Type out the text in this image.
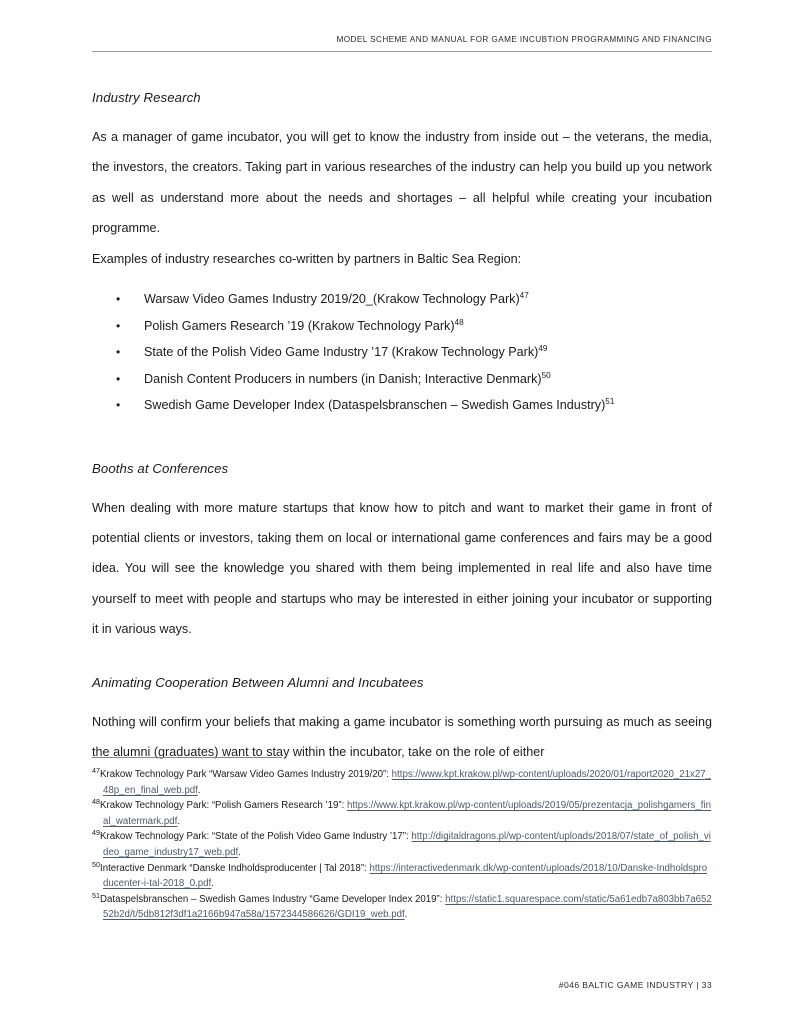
MODEL SCHEME AND MANUAL FOR GAME INCUBTION PROGRAMMING AND FINANCING
Industry Research

As a manager of game incubator, you will get to know the industry from inside out – the veterans, the media, the investors, the creators. Taking part in various researches of the industry can help you build up you network as well as understand more about the needs and shortages – all helpful while creating your incubation programme.

Examples of industry researches co-written by partners in Baltic Sea Region:

• Warsaw Video Games Industry 2019/20_(Krakow Technology Park)$^{47}$
• Polish Gamers Research ’19 (Krakow Technology Park)$^{48}$
• State of the Polish Video Game Industry ’17 (Krakow Technology Park)$^{49}$
• Danish Content Producers in numbers (in Danish; Interactive Denmark)$^{50}$
• Swedish Game Developer Index (Dataspelsbranschen – Swedish Games Industry)$^{51}$
Booths at Conferences

When dealing with more mature startups that know how to pitch and want to market their game in front of potential clients or investors, taking them on local or international game conferences and fairs may be a good idea. You will see the knowledge you shared with them being implemented in real life and also have time yourself to meet with people and startups who may be interested in either joining your incubator or supporting it in various ways.

Animating Cooperation Between Alumni and Incubatees

Nothing will confirm your beliefs that making a game incubator is something worth pursuing as much as seeing the alumni (graduates) want to stay within the incubator, take on the role of either

$^{47}$Krakow Technology Park “Warsaw Video Games Industry 2019/20”: https://www.kpt.krakow.pl/wp-content/uploads/2020/01/raport2020_21x27_48p_en_final_web.pdf.

$^{48}$Krakow Technology Park: “Polish Gamers Research ’19”: https://www.kpt.krakow.pl/wp-content/uploads/2019/05/prezentacja_polishgamers_final_watermark.pdf.

$^{49}$Krakow Technology Park: “State of the Polish Video Game Industry ’17”: http://digitaldragons.pl/wp-content/uploads/2018/07/state_of_polish_video_game_industry17_web.pdf.

$^{50}$Interactive Denmark “Danske Indholdsproducenter | Tal 2018”: https://interactivedenmark.dk/wp-content/uploads/2018/10/Danske-Indholdsproducenter-i-tal-2018_0.pdf.

$^{51}$Dataspelsbranschen – Swedish Games Industry “Game Developer Index 2019”: https://static1.squarespace.com/static/5a61edb7a803bb7a65252b2d/t/5db812f3df1a2166b947a58a/1572344586626/GDI19_web.pdf.

#046 BALTIC GAME INDUSTRY | 33
